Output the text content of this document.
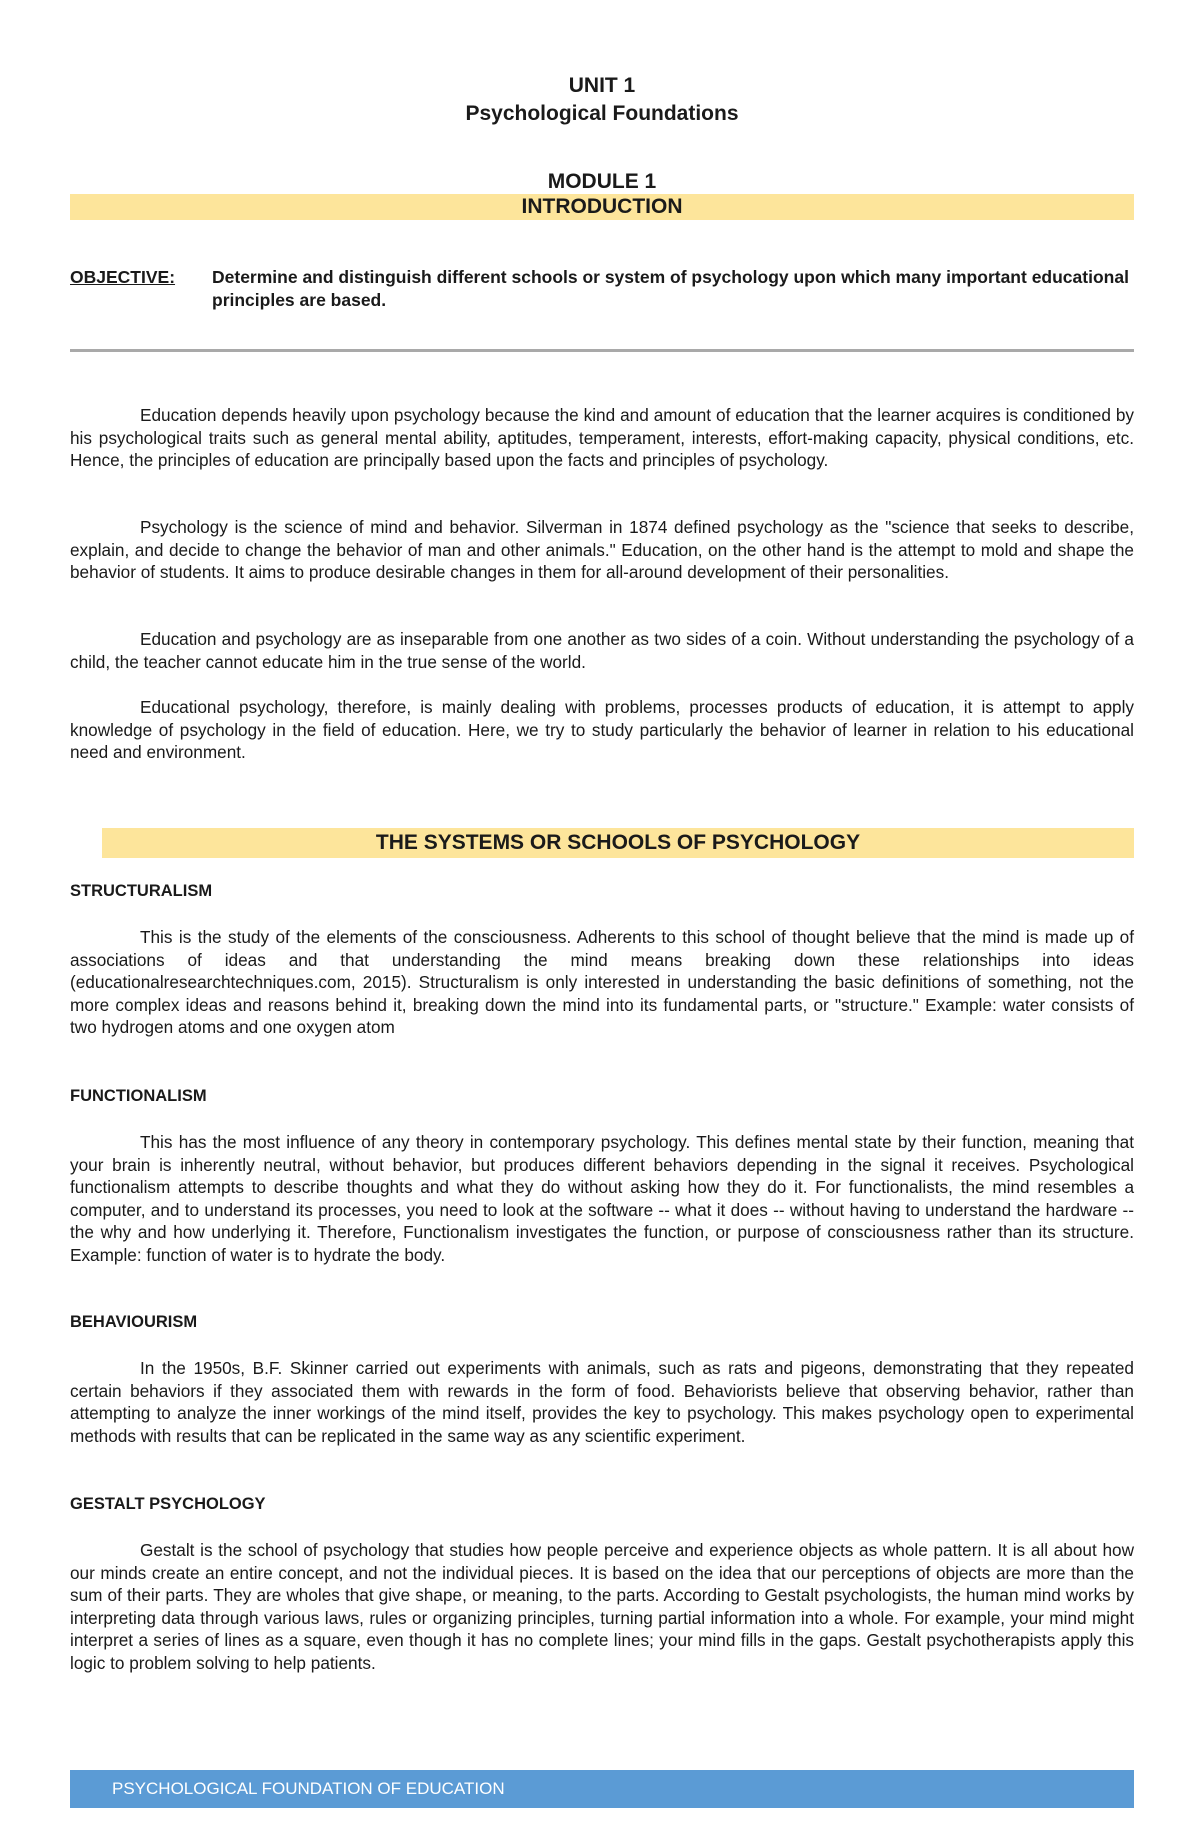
UNIT 1
Psychological Foundations
MODULE 1
INTRODUCTION
OBJECTIVE: Determine and distinguish different schools or system of psychology upon which many important educational principles are based.

Education depends heavily upon psychology because the kind and amount of education that the learner acquires is conditioned by his psychological traits such as general mental ability, aptitudes, temperament, interests, effort-making capacity, physical conditions, etc. Hence, the principles of education are principally based upon the facts and principles of psychology.

Psychology is the science of mind and behavior. Silverman in 1874 defined psychology as the "science that seeks to describe, explain, and decide to change the behavior of man and other animals." Education, on the other hand is the attempt to mold and shape the behavior of students. It aims to produce desirable changes in them for all-around development of their personalities.

Education and psychology are as inseparable from one another as two sides of a coin. Without understanding the psychology of a child, the teacher cannot educate him in the true sense of the world.

Educational psychology, therefore, is mainly dealing with problems, processes products of education, it is attempt to apply knowledge of psychology in the field of education. Here, we try to study particularly the behavior of learner in relation to his educational need and environment.

THE SYSTEMS OR SCHOOLS OF PSYCHOLOGY
STRUCTURALISM

This is the study of the elements of the consciousness. Adherents to this school of thought believe that the mind is made up of associations of ideas and that understanding the mind means breaking down these relationships into ideas (educationalresearchtechniques.com, 2015). Structuralism is only interested in understanding the basic definitions of something, not the more complex ideas and reasons behind it, breaking down the mind into its fundamental parts, or "structure." Example: water consists of two hydrogen atoms and one oxygen atom

FUNCTIONALISM

This has the most influence of any theory in contemporary psychology. This defines mental state by their function, meaning that your brain is inherently neutral, without behavior, but produces different behaviors depending in the signal it receives. Psychological functionalism attempts to describe thoughts and what they do without asking how they do it. For functionalists, the mind resembles a computer, and to understand its processes, you need to look at the software -- what it does -- without having to understand the hardware -- the why and how underlying it. Therefore, Functionalism investigates the function, or purpose of consciousness rather than its structure. Example: function of water is to hydrate the body.

BEHAVIOURISM

In the 1950s, B.F. Skinner carried out experiments with animals, such as rats and pigeons, demonstrating that they repeated certain behaviors if they associated them with rewards in the form of food. Behaviorists believe that observing behavior, rather than attempting to analyze the inner workings of the mind itself, provides the key to psychology. This makes psychology open to experimental methods with results that can be replicated in the same way as any scientific experiment.

GESTALT PSYCHOLOGY

Gestalt is the school of psychology that studies how people perceive and experience objects as whole pattern. It is all about how our minds create an entire concept, and not the individual pieces. It is based on the idea that our perceptions of objects are more than the sum of their parts. They are wholes that give shape, or meaning, to the parts. According to Gestalt psychologists, the human mind works by interpreting data through various laws, rules or organizing principles, turning partial information into a whole. For example, your mind might interpret a series of lines as a square, even though it has no complete lines; your mind fills in the gaps. Gestalt psychotherapists apply this logic to problem solving to help patients.

PSYCHOLOGICAL FOUNDATION OF EDUCATION
